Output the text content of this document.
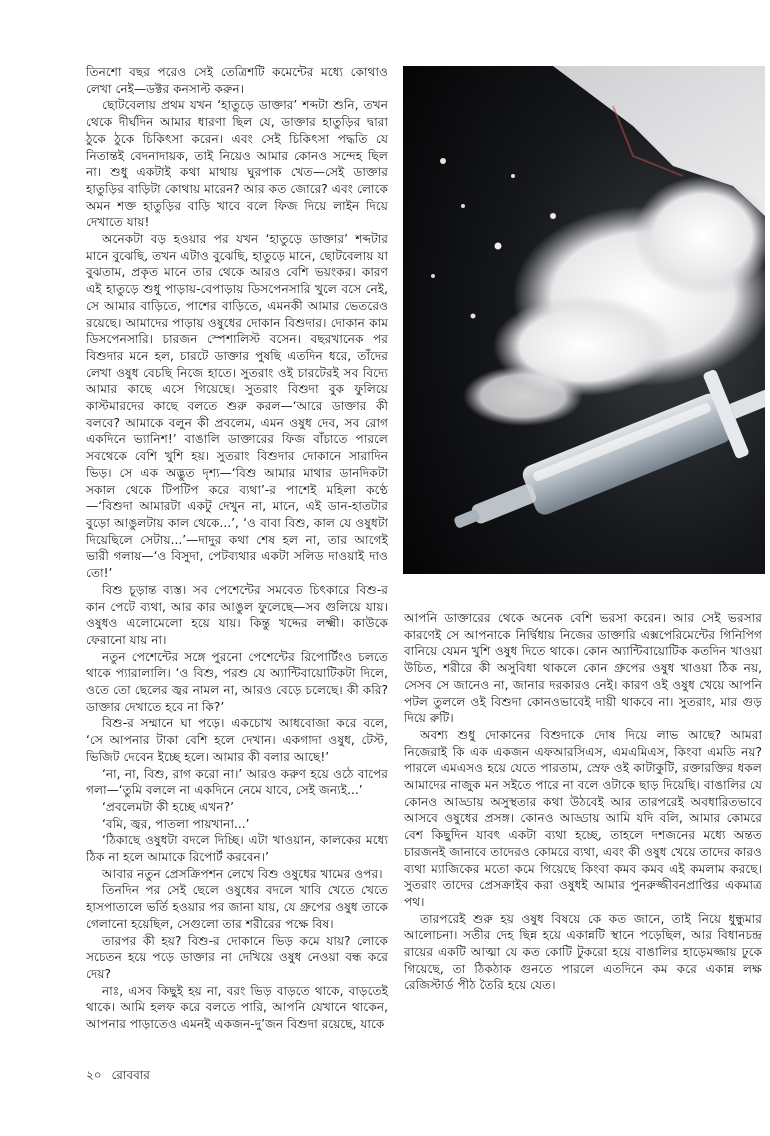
তিনশো বছর পরেও সেই তেত্রিশটি কমেন্টের মধ্যে কোথাও লেখা নেই—ডক্টর কনসাল্ট করুন।

ছোটবেলায় প্রথম যখন ‘হাতুড়ে ডাক্তার’ শব্দটা শুনি, তখন থেকে দীর্ঘদিন আমার ধারণা ছিল যে, ডাক্তার হাতুড়ির দ্বারা ঠুকে ঠুকে চিকিৎসা করেন। এবং সেই চিকিৎসা পদ্ধতি যে নিতান্তই বেদনাদায়ক, তাই নিয়েও আমার কোনও সন্দেহ ছিল না। শুধু একটাই কথা মাথায় ঘুরপাক খেত—সেই ডাক্তার হাতুড়ির বাড়িটা কোথায় মারেন? আর কত জোরে? এবং লোকে অমন শক্ত হাতুড়ির বাড়ি খাবে বলে ফিজ দিয়ে লাইন দিয়ে দেখাতে যায়!

অনেকটা বড় হওয়ার পর যখন ‘হাতুড়ে ডাক্তার’ শব্দটার মানে বুঝেছি, তখন এটাও বুঝেছি, হাতুড়ে মানে, ছোটবেলায় যা বুঝতাম, প্রকৃত মানে তার থেকে আরও বেশি ভয়ংকর। কারণ এই হাতুড়ে শুধু পাড়ায়-বেপাড়ায় ডিসপেনসারি খুলে বসে নেই, সে আমার বাড়িতে, পাশের বাড়িতে, এমনকী আমার ভেতরেও রয়েছে। আমাদের পাড়ায় ওষুধের দোকান বিশুদার। দোকান কাম ডিসপেনসারি। চারজন স্পেশালিস্ট বসেন। বছরখানেক পর বিশুদার মনে হল, চারটে ডাক্তার পুষছি এতদিন ধরে, তাঁদের লেখা ওষুধ বেচছি নিজে হাতে। সুতরাং ওই চারটেরই সব বিদ্যে আমার কাছে এসে গিয়েছে। সুতরাং বিশুদা বুক ফুলিয়ে কাস্টমারদের কাছে বলতে শুরু করল—‘আরে ডাক্তার কী বলবে? আমাকে বলুন কী প্রবলেম, এমন ওষুধ দেব, সব রোগ একদিনে ভ্যানিশ!’ বাঙালি ডাক্তারের ফিজ বাঁচাতে পারলে সবথেকে বেশি খুশি হয়। সুতরাং বিশুদার দোকানে সারাদিন ভিড়। সে এক অদ্ভুত দৃশ্য—‘বিশু আমার মাথার ডানদিকটা সকাল থেকে টিপটিপ করে ব্যথা’-র পাশেই মহিলা কণ্ঠে—‘বিশুদা আমারটা একটু দেখুন না, মানে, এই ডান-হাতটার বুড়ো আঙুলটায় কাল থেকে...’, ‘ও বাবা বিশু, কাল যে ওষুধটা দিয়েছিলে সেটায়...’—দাদুর কথা শেষ হল না, তার আগেই ভারী গলায়—‘ও বিসুদা, পেটব্যথার একটা সলিড দাওয়াই দাও তো!’

বিশু চূড়ান্ত ব্যস্ত। সব পেশেন্টের সমবেত চিৎকারে বিশু-র কান পেটে ব্যথা, আর কার আঙুল ফুলেছে—সব গুলিয়ে যায়। ওষুধও এলোমেলো হয়ে যায়। কিন্তু খদ্দের লক্ষ্মী। কাউকে ফেরানো যায় না।

নতুন পেশেন্টের সঙ্গে পুরনো পেশেন্টের রিপোর্টিংও চলতে থাকে প্যারালালি। ‘ও বিশু, পরশু যে অ্যান্টিবায়োটিকটা দিলে, ওতে তো ছেলের জ্বর নামল না, আরও বেড়ে চলেছে। কী করি? ডাক্তার দেখাতে হবে না কি?’

বিশু-র সম্মানে ঘা পড়ে। একচোখ আধবোজা করে বলে, ‘সে আপনার টাকা বেশি হলে দেখান। একগাদা ওষুধ, টেস্ট, ভিজিট দেবেন ইচ্ছে হলে। আমার কী বলার আছে!’

‘না, না, বিশু, রাগ করো না।’ আরও করুণ হয়ে ওঠে বাপের গলা—‘তুমি বললে না একদিনে নেমে যাবে, সেই জন্যই...’

‘প্রবলেমটা কী হচ্ছে এখন?’

‘বমি, জ্বর, পাতলা পায়খানা...’

‘ঠিকাছে ওষুধটা বদলে দিচ্ছি। এটা খাওয়ান, কালকের মধ্যে ঠিক না হলে আমাকে রিপোর্ট করবেন।’

আবার নতুন প্রেসক্রিপশন লেখে বিশু ওষুধের খামের ওপর।

তিনদিন পর সেই ছেলে ওষুধের বদলে খাবি খেতে খেতে হাসপাতালে ভর্তি হওয়ার পর জানা যায়, যে গ্রুপের ওষুধ তাকে গেলানো হয়েছিল, সেগুলো তার শরীরের পক্ষে বিষ।

তারপর কী হয়? বিশু-র দোকানে ভিড় কমে যায়? লোকে সচেতন হয়ে পড়ে ডাক্তার না দেখিয়ে ওষুধ নেওয়া বন্ধ করে দেয়?

নাঃ, এসব কিছুই হয় না, বরং ভিড় বাড়তে থাকে, বাড়তেই থাকে। আমি হলফ করে বলতে পারি, আপনি যেখানে থাকেন, আপনার পাড়াতেও এমনই একজন-দু’জন বিশুদা রয়েছে, যাকে

আপনি ডাক্তারের থেকে অনেক বেশি ভরসা করেন। আর সেই ভরসার কারণেই সে আপনাকে নির্দ্বিধায় নিজের ডাক্তারি এক্সপেরিমেন্টের গিনিপিগ বানিয়ে যেমন খুশি ওষুধ দিতে থাকে। কোন অ্যান্টিবায়োটিক কতদিন খাওয়া উচিত, শরীরে কী অসুবিধা থাকলে কোন গ্রুপের ওষুধ খাওয়া ঠিক নয়, সেসব সে জানেও না, জানার দরকারও নেই। কারণ ওই ওষুধ খেয়ে আপনি পটল তুললে ওই বিশুদা কোনওভাবেই দায়ী থাকবে না। সুতরাং, মার গুড় দিয়ে রুটি।

অবশ্য শুধু দোকানের বিশুদাকে দোষ দিয়ে লাভ আছে? আমরা নিজেরাই কি এক একজন এফআরসিএস, এমএমিএস, কিংবা এমডি নয়? পারলে এমএসও হয়ে যেতে পারতাম, স্রেফ ওই কাটাকুটি, রক্তারক্তির ধকল আমাদের নাজুক মন সইতে পারে না বলে ওটাকে ছাড় দিয়েছি। বাঙালির যে কোনও আড্ডায় অসুস্থতার কথা উঠবেই আর তারপরেই অবধারিতভাবে আসবে ওষুধের প্রসঙ্গ। কোনও আড্ডায় আমি যদি বলি, আমার কোমরে বেশ কিছুদিন যাবৎ একটা ব্যথা হচ্ছে, তাহলে দশজনের মধ্যে অন্তত চারজনই জানাবে তাদেরও কোমরে ব্যথা, এবং কী ওষুধ খেয়ে তাদের কারও ব্যথা ম্যাজিকের মতো কমে গিয়েছে কিংবা কমব কমব এই কমলাম করছে। সুতরাং তাদের প্রেসক্রাইব করা ওষুধই আমার পুনরুজ্জীবনপ্রাপ্তির একমাত্র পথ।

তারপরেই শুরু হয় ওষুধ বিষয়ে কে কত জানে, তাই নিয়ে ধুন্ধুমার আলোচনা। সতীর দেহ ছিন্ন হয়ে একান্নটি স্থানে পড়েছিল, আর বিধানচন্দ্র রায়ের একটি আত্মা যে কত কোটি টুকরো হয়ে বাঙালির হাড়েমজ্জায় ঢুকে গিয়েছে, তা ঠিকঠাক গুনতে পারলে এতদিনে কম করে একান্ন লক্ষ রেজিস্টার্ড পীঠ তৈরি হয়ে যেত।

২০ রোববার
